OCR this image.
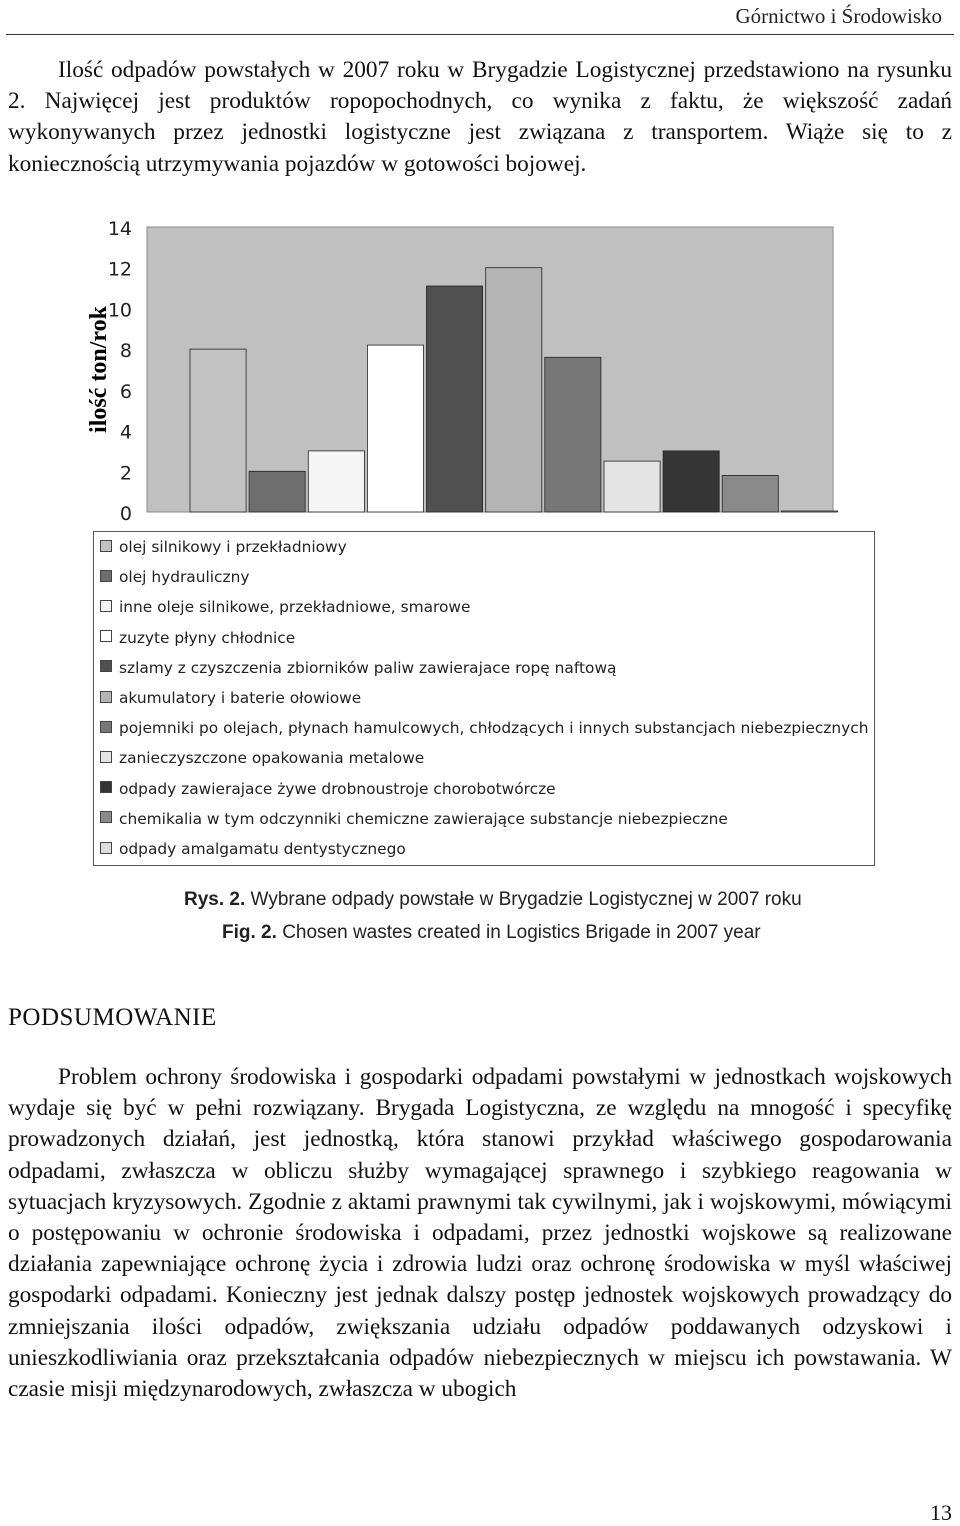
Górnictwo i Środowisko

Ilość odpadów powstałych w 2007 roku w Brygadzie Logistycznej przedstawiono na rysunku 2. Najwięcej jest produktów ropopochodnych, co wynika z faktu, że większość zadań wykonywanych przez jednostki logistyczne jest związana z transportem. Wiąże się to z koniecznością utrzymywania pojazdów w gotowości bojowej.

ilość ton/rok
0
2
4
6
8
10
12
14
olej silnikowy i przekładniowy
olej hydrauliczny
inne oleje silnikowe, przekładniowe, smarowe
zuzyte płyny chłodnice
szlamy z czyszczenia zbiorników paliw zawierajace ropę naftową
akumulatory i baterie ołowiowe
pojemniki po olejach, płynach hamulcowych, chłodzących i innych substancjach niebezpiecznych
zanieczyszczone opakowania metalowe
odpady zawierajace żywe drobnoustroje chorobotwórcze
chemikalia w tym odczynniki chemiczne zawierające substancje niebezpieczne
odpady amalgamatu dentystycznego
Rys. 2. Wybrane odpady powstałe w Brygadzie Logistycznej w 2007 roku
Fig. 2. Chosen wastes created in Logistics Brigade in 2007 year
PODSUMOWANIE

Problem ochrony środowiska i gospodarki odpadami powstałymi w jednostkach wojskowych wydaje się być w pełni rozwiązany. Brygada Logistyczna, ze względu na mnogość i specyfikę prowadzonych działań, jest jednostką, która stanowi przykład właściwego gospodarowania odpadami, zwłaszcza w obliczu służby wymagającej sprawnego i szybkiego reagowania w sytuacjach kryzysowych. Zgodnie z aktami prawnymi tak cywilnymi, jak i wojskowymi, mówiącymi o postępowaniu w ochronie środowiska i odpadami, przez jednostki wojskowe są realizowane działania zapewniające ochronę życia i zdrowia ludzi oraz ochronę środowiska w myśl właściwej gospodarki odpadami. Konieczny jest jednak dalszy postęp jednostek wojskowych prowadzący do zmniejszania ilości odpadów, zwiększania udziału odpadów poddawanych odzyskowi i unieszkodliwiania oraz przekształcania odpadów niebezpiecznych w miejscu ich powstawania. W czasie misji międzynarodowych, zwłaszcza w ubogich

13
